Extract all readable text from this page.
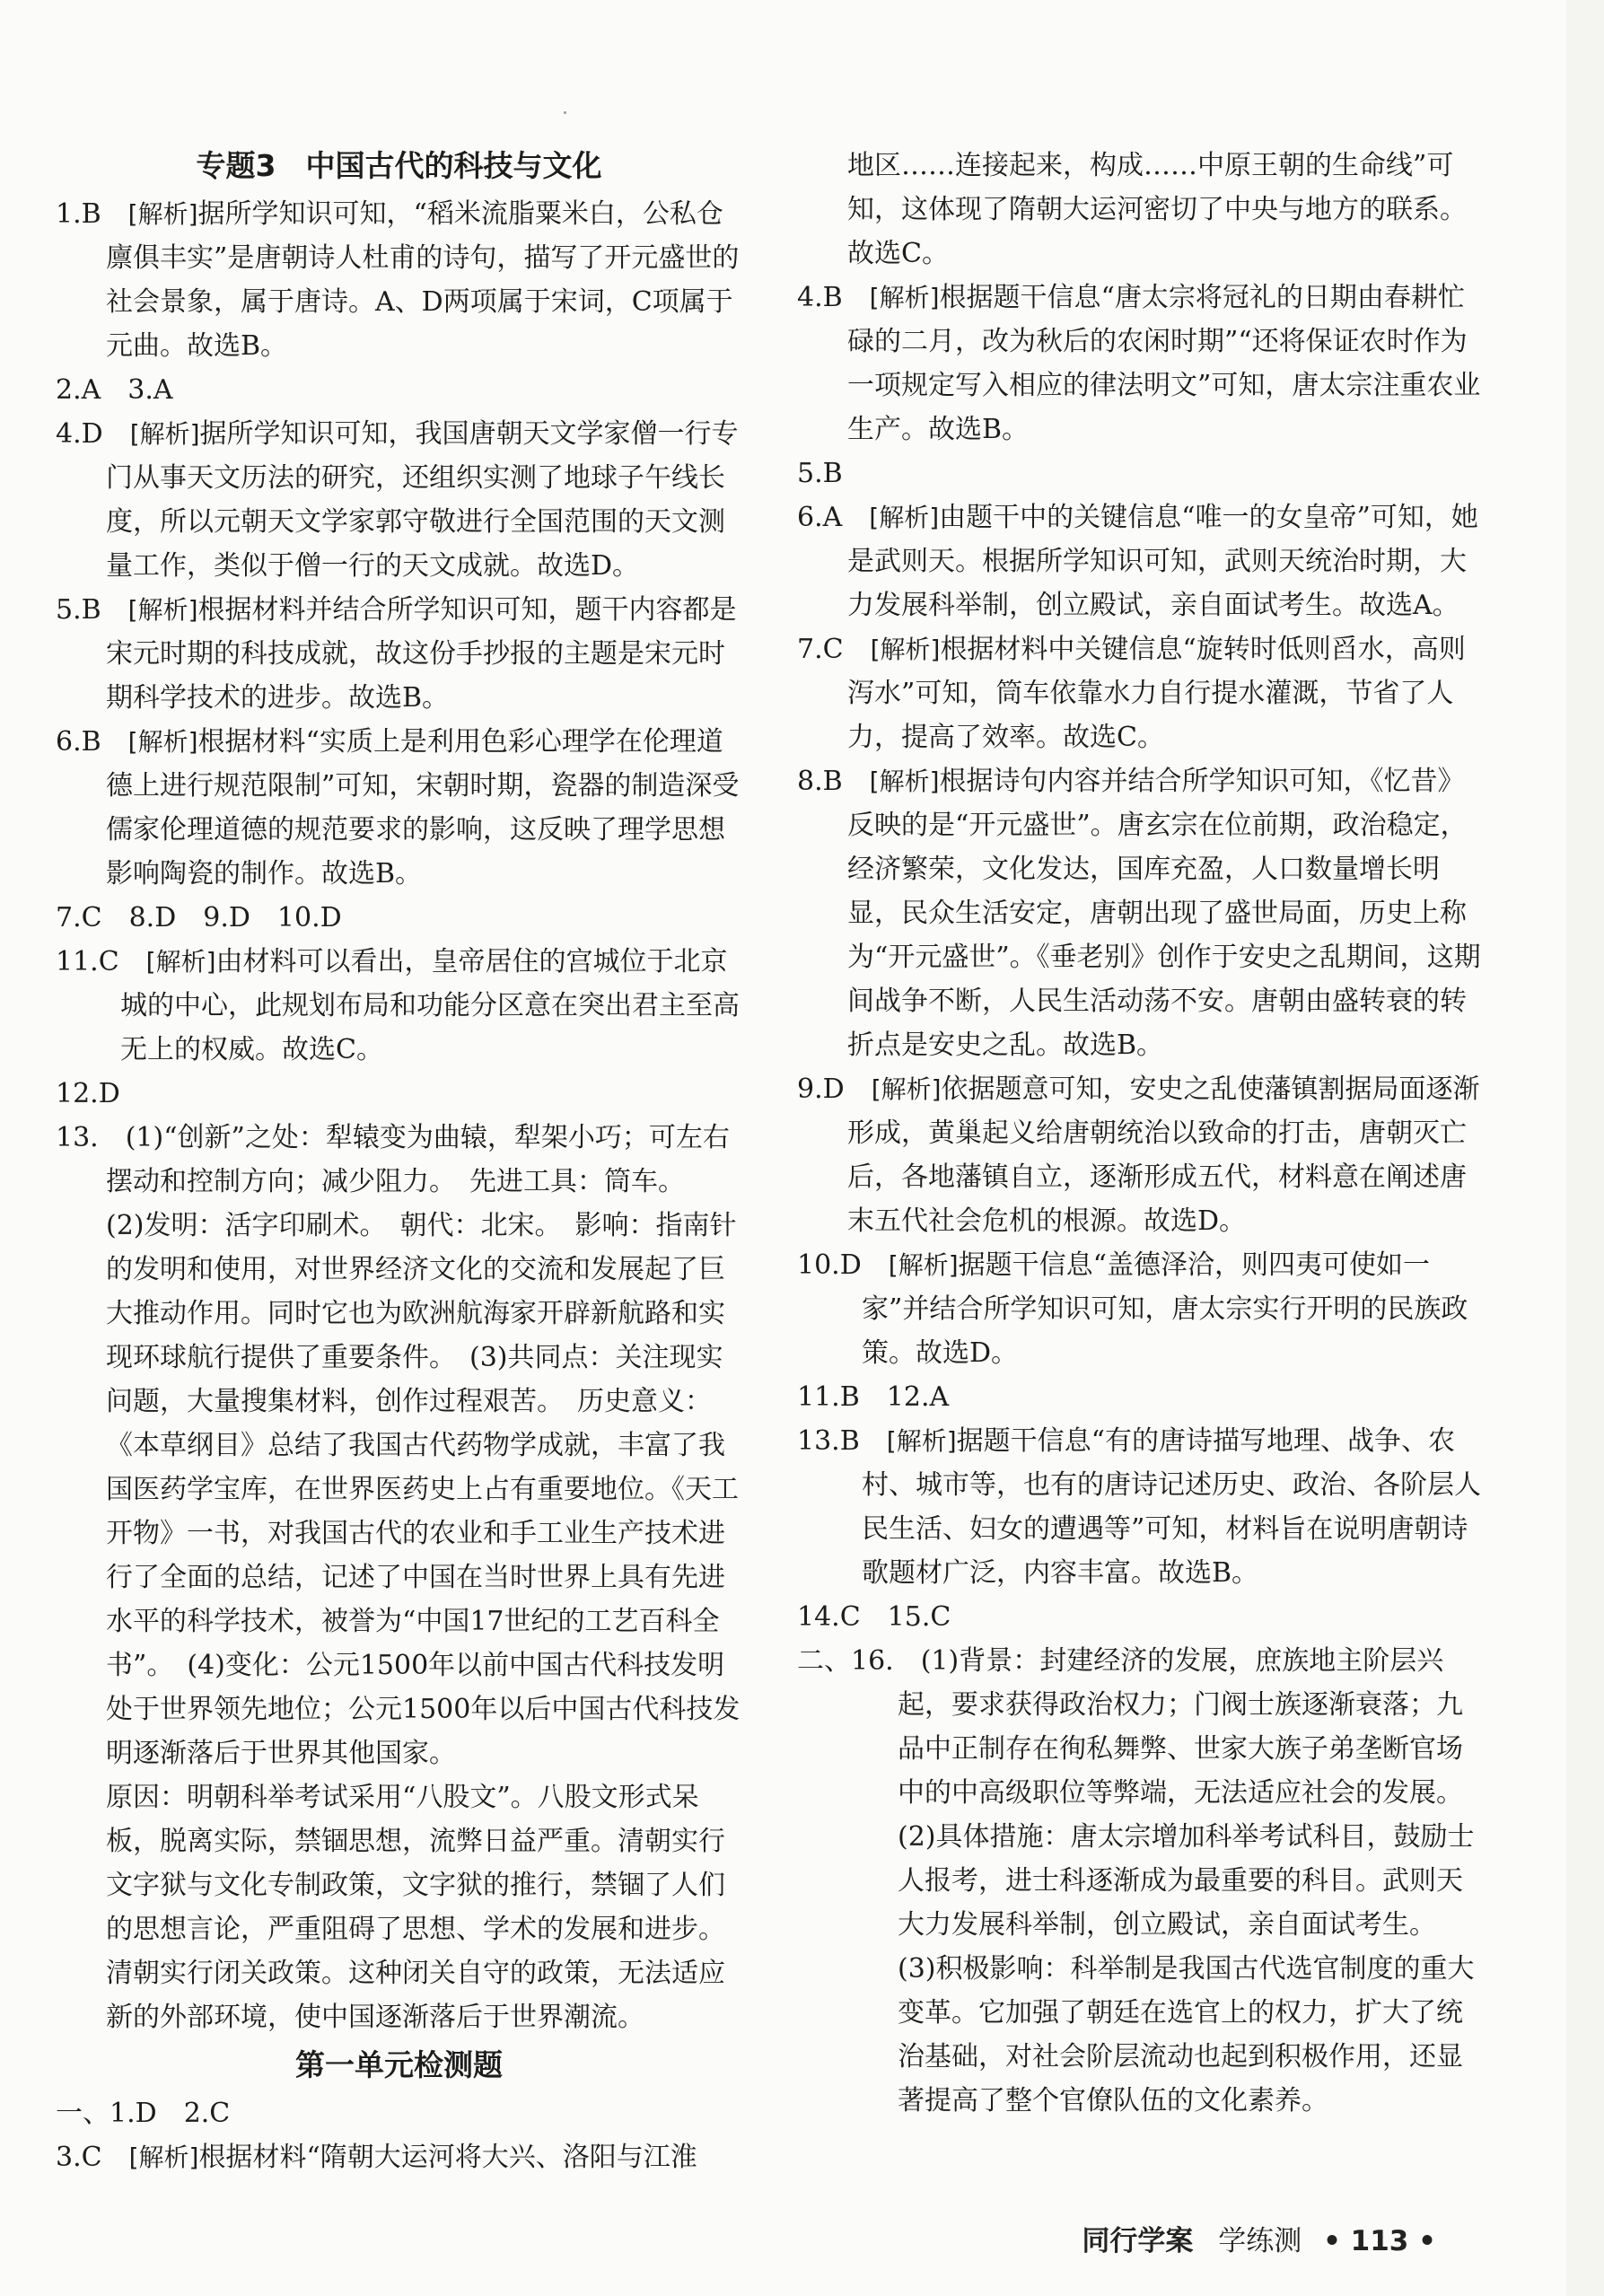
专题3　中国古代的科技与文化

1.B　 [解析]据所学知识可知，“稻米流脂粟米白，公私仓廪俱丰实”是唐朝诗人杜甫的诗句，描写了开元盛世的社会景象，属于唐诗。A、D两项属于宋词，C项属于元曲。故选B。

2.A　 3.A

4.D　 [解析]据所学知识可知，我国唐朝天文学家僧一行专门从事天文历法的研究，还组织实测了地球子午线长度，所以元朝天文学家郭守敬进行全国范围的天文测量工作，类似于僧一行的天文成就。故选D。

5.B　 [解析]根据材料并结合所学知识可知，题干内容都是宋元时期的科技成就，故这份手抄报的主题是宋元时期科学技术的进步。故选B。

6.B　 [解析]根据材料“实质上是利用色彩心理学在伦理道德上进行规范限制”可知，宋朝时期，瓷器的制造深受儒家伦理道德的规范要求的影响，这反映了理学思想影响陶瓷的制作。故选B。

7.C　 8.D　9.D　10.D

11.C　 [解析]由材料可以看出，皇帝居住的宫城位于北京城的中心，此规划布局和功能分区意在突出君主至高无上的权威。故选C。

12.D　

13.　 (1)“创新”之处：犁辕变为曲辕，犁架小巧；可左右摆动和控制方向；减少阻力。　先进工具：筒车。

(2)发明：活字印刷术。　朝代：北宋。　影响：指南针的发明和使用，对世界经济文化的交流和发展起了巨大推动作用。同时它也为欧洲航海家开辟新航路和实现环球航行提供了重要条件。　(3)共同点：关注现实问题，大量搜集材料，创作过程艰苦。　历史意义：《本草纲目》总结了我国古代药物学成就，丰富了我国医药学宝库，在世界医药史上占有重要地位。《天工开物》一书，对我国古代的农业和手工业生产技术进行了全面的总结，记述了中国在当时世界上具有先进水平的科学技术，被誉为“中国17世纪的工艺百科全书”。　(4)变化：公元1500年以前中国古代科技发明处于世界领先地位；公元1500年以后中国古代科技发明逐渐落后于世界其他国家。

原因：明朝科举考试采用“八股文”。八股文形式呆板，脱离实际，禁锢思想，流弊日益严重。清朝实行文字狱与文化专制政策，文字狱的推行，禁锢了人们的思想言论，严重阻碍了思想、学术的发展和进步。清朝实行闭关政策。这种闭关自守的政策，无法适应新的外部环境，使中国逐渐落后于世界潮流。

第一单元检测题

一、1.D　 2.C

3.C　 [解析]根据材料“隋朝大运河将大兴、洛阳与江淮

地区……连接起来，构成……中原王朝的生命线”可知，这体现了隋朝大运河密切了中央与地方的联系。故选C。

4.B　 [解析]根据题干信息“唐太宗将冠礼的日期由春耕忙碌的二月，改为秋后的农闲时期”“还将保证农时作为一项规定写入相应的律法明文”可知，唐太宗注重农业生产。故选B。

5.B　

6.A　 [解析]由题干中的关键信息“唯一的女皇帝”可知，她是武则天。根据所学知识可知，武则天统治时期，大力发展科举制，创立殿试，亲自面试考生。故选A。

7.C　 [解析]根据材料中关键信息“旋转时低则舀水，高则泻水”可知，筒车依靠水力自行提水灌溉，节省了人力，提高了效率。故选C。

8.B　 [解析]根据诗句内容并结合所学知识可知，《忆昔》反映的是“开元盛世”。唐玄宗在位前期，政治稳定，经济繁荣，文化发达，国库充盈，人口数量增长明显，民众生活安定，唐朝出现了盛世局面，历史上称为“开元盛世”。《垂老别》创作于安史之乱期间，这期间战争不断，人民生活动荡不安。唐朝由盛转衰的转折点是安史之乱。故选B。

9.D　 [解析]依据题意可知，安史之乱使藩镇割据局面逐渐形成，黄巢起义给唐朝统治以致命的打击，唐朝灭亡后，各地藩镇自立，逐渐形成五代，材料意在阐述唐末五代社会危机的根源。故选D。

10.D　 [解析]据题干信息“盖德泽洽，则四夷可使如一家”并结合所学知识可知，唐太宗实行开明的民族政策。故选D。

11.B　 12.A

13.B　 [解析]据题干信息“有的唐诗描写地理、战争、农村、城市等，也有的唐诗记述历史、政治、各阶层人民生活、妇女的遭遇等”可知，材料旨在说明唐朝诗歌题材广泛，内容丰富。故选B。

14.C　 15.C

二、16.　 (1)背景：封建经济的发展，庶族地主阶层兴起，要求获得政治权力；门阀士族逐渐衰落；九品中正制存在徇私舞弊、世家大族子弟垄断官场中的中高级职位等弊端，无法适应社会的发展。　(2)具体措施：唐太宗增加科举考试科目，鼓励士人报考，进士科逐渐成为最重要的科目。武则天大力发展科举制，创立殿试，亲自面试考生。　(3)积极影响：科举制是我国古代选官制度的重大变革。它加强了朝廷在选官上的权力，扩大了统治基础，对社会阶层流动也起到积极作用，还显著提高了整个官僚队伍的文化素养。

同行学案 学练测 • 113 •
